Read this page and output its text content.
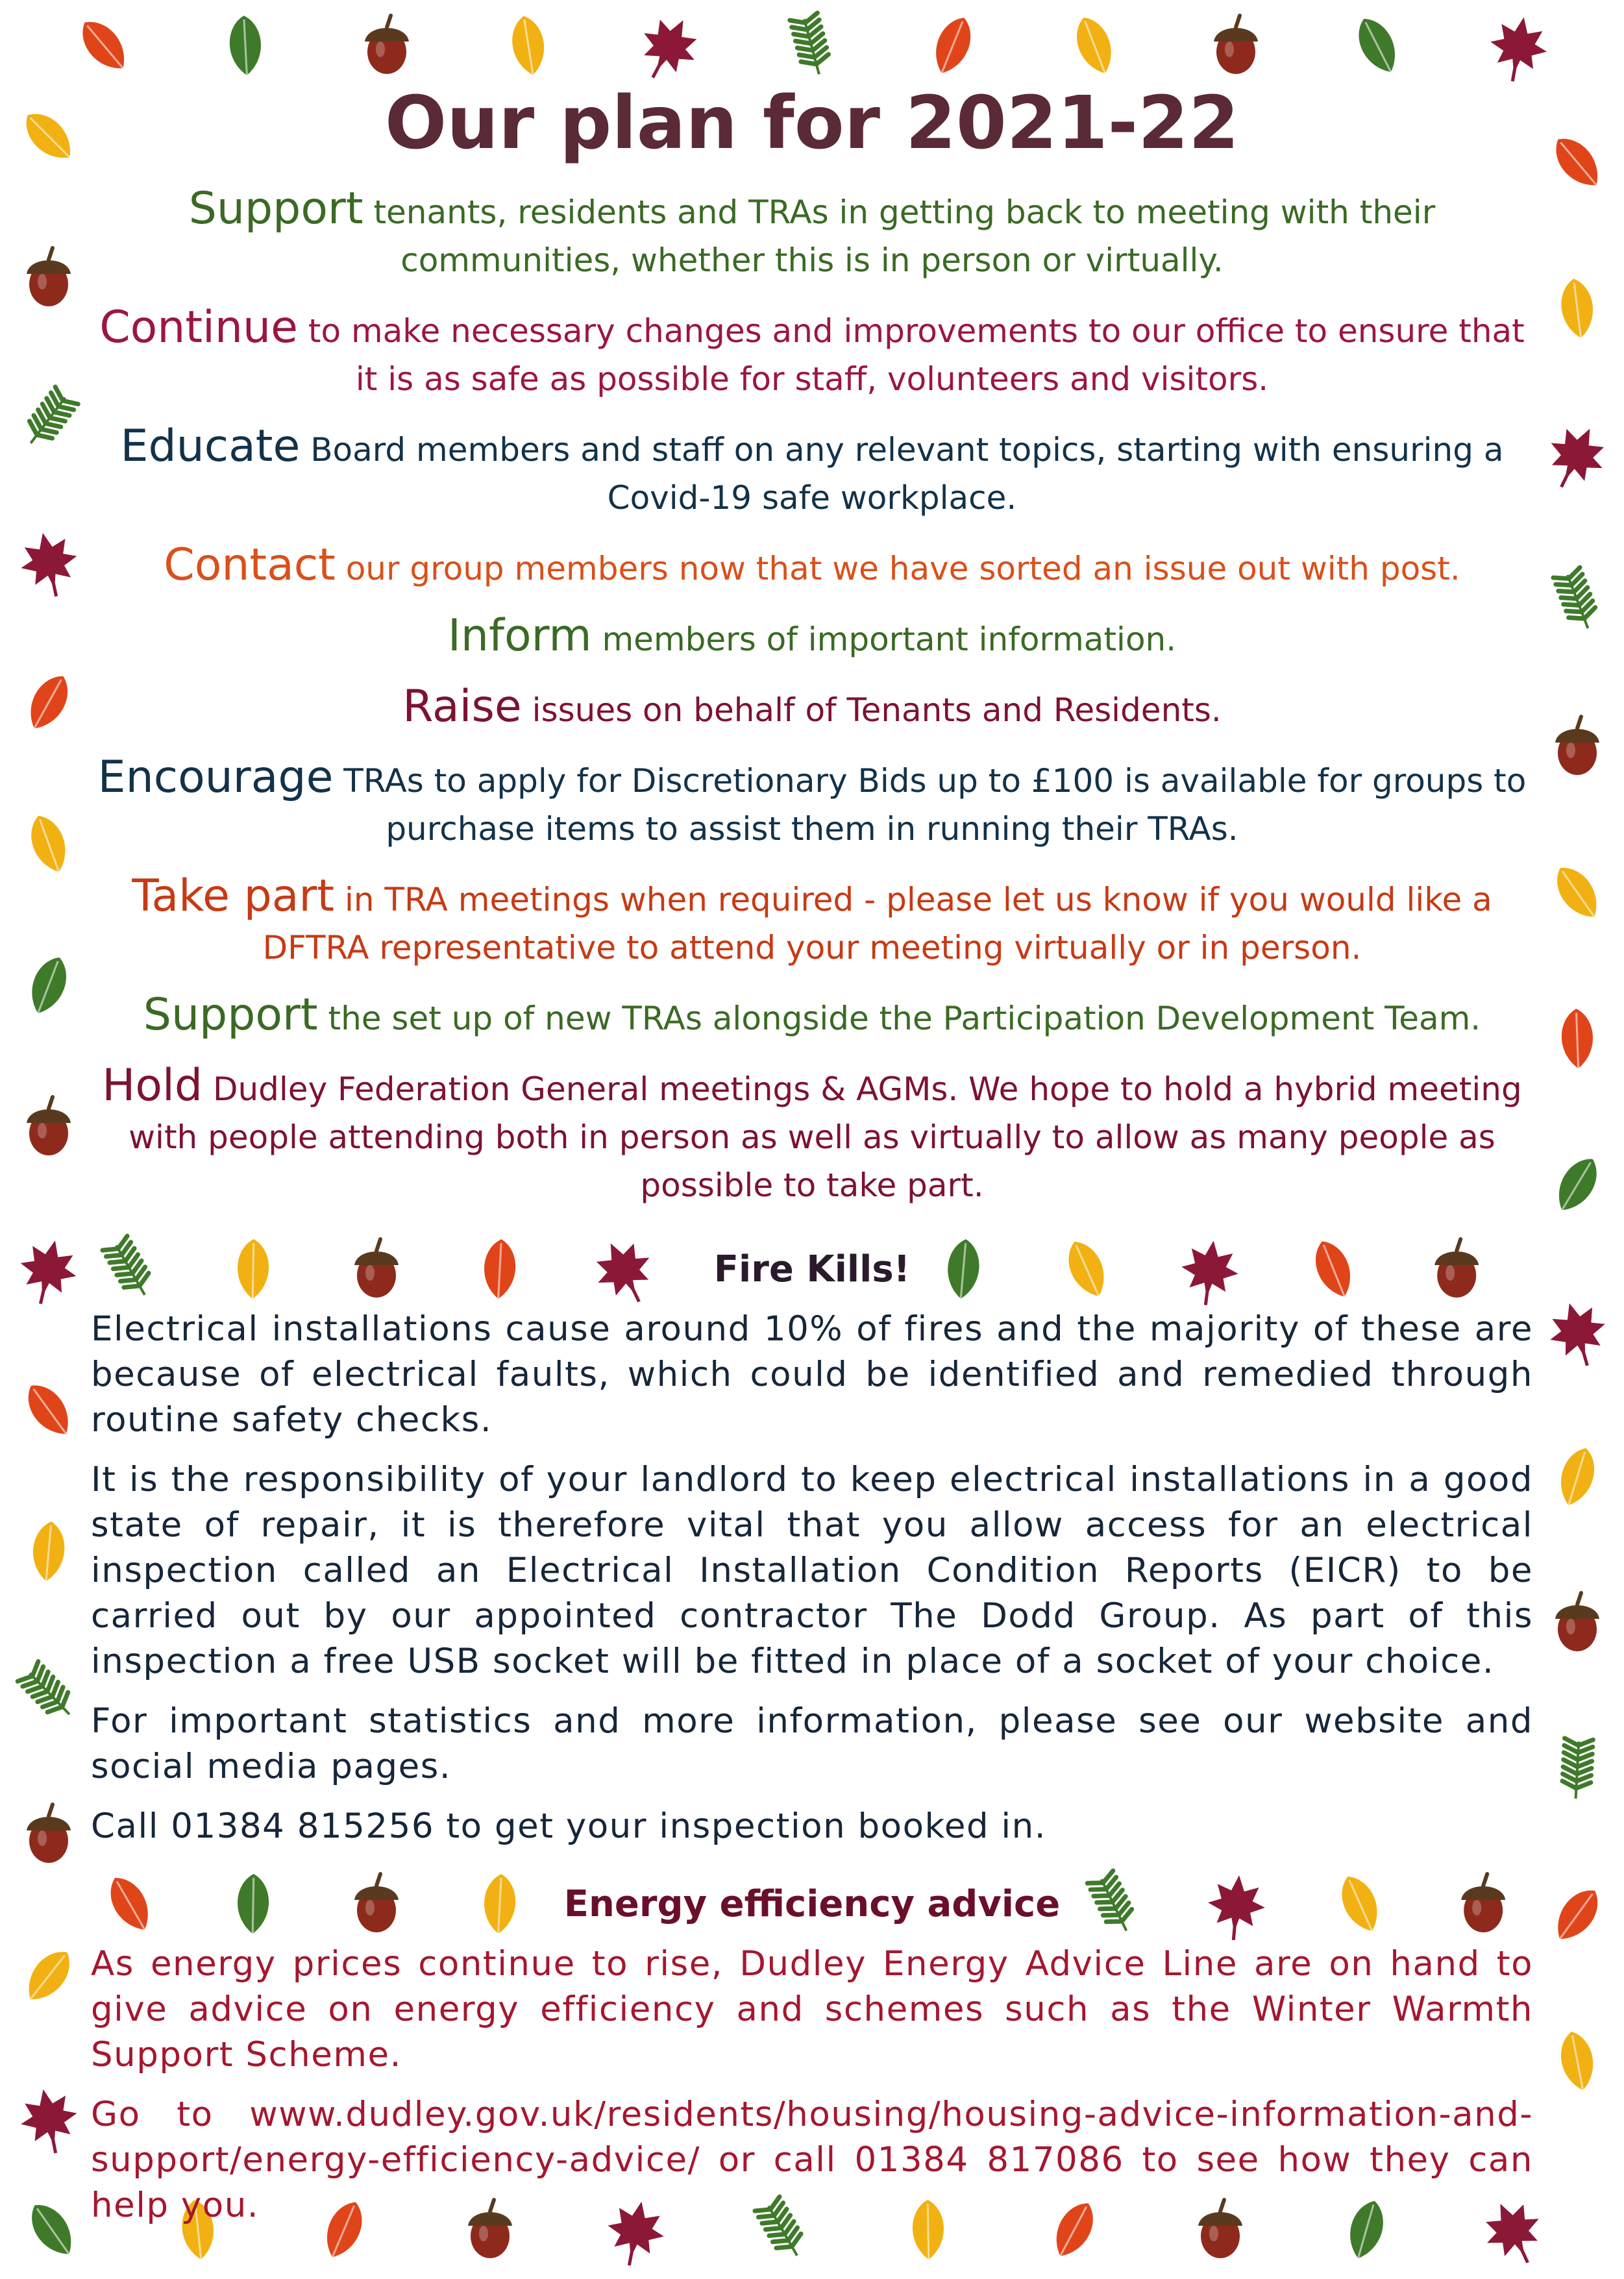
Our plan for 2021-22

Support tenants, residents and TRAs in getting back to meeting with their communities, whether this is in person or virtually.

Continue to make necessary changes and improvements to our office to ensure that it is as safe as possible for staff, volunteers and visitors.

Educate Board members and staff on any relevant topics, starting with ensuring a Covid-19 safe workplace.

Contact our group members now that we have sorted an issue out with post.

Inform members of important information.

Raise issues on behalf of Tenants and Residents.

Encourage TRAs to apply for Discretionary Bids up to £100 is available for groups to purchase items to assist them in running their TRAs.

Take part in TRA meetings when required - please let us know if you would like a DFTRA representative to attend your meeting virtually or in person.

Support the set up of new TRAs alongside the Participation Development Team.

Hold Dudley Federation General meetings & AGMs. We hope to hold a hybrid meeting with people attending both in person as well as virtually to allow as many people as possible to take part.

Fire Kills!

Electrical installations cause around 10% of fires and the majority of these are because of electrical faults, which could be identified and remedied through routine safety checks.

It is the responsibility of your landlord to keep electrical installations in a good state of repair, it is therefore vital that you allow access for an electrical inspection called an Electrical Installation Condition Reports (EICR) to be carried out by our appointed contractor The Dodd Group. As part of this inspection a free USB socket will be fitted in place of a socket of your choice.

For important statistics and more information, please see our website and social media pages.

Call 01384 815256 to get your inspection booked in.

Energy efficiency advice

As energy prices continue to rise, Dudley Energy Advice Line are on hand to give advice on energy efficiency and schemes such as the Winter Warmth Support Scheme.

Go to www.dudley.gov.uk/residents/housing/housing-advice-information-and-support/energy-efficiency-advice/ or call 01384 817086 to see how they can help you.
